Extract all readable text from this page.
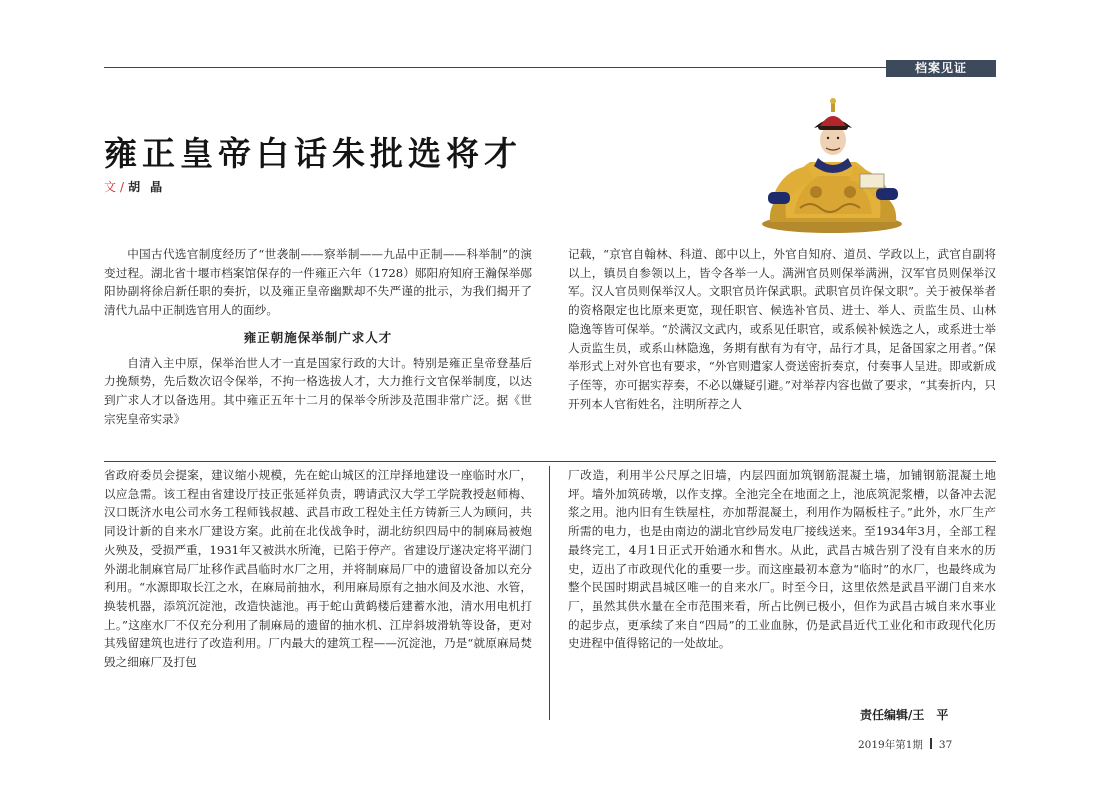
档案见证
雍正皇帝白话朱批选将才
文 / 胡晶

中国古代选官制度经历了“世袭制——察举制——九品中正制——科举制”的演变过程。湖北省十堰市档案馆保存的一件雍正六年（1728）郧阳府知府王瀚保举郧阳协副将徐启新任职的奏折，以及雍正皇帝幽默却不失严谨的批示，为我们揭开了清代九品中正制选官用人的面纱。

雍正朝施保举制广求人才

自清入主中原，保举治世人才一直是国家行政的大计。特别是雍正皇帝登基后力挽颓势，先后数次诏令保举，不拘一格选拔人才，大力推行文官保举制度，以达到广求人才以备选用。其中雍正五年十二月的保举令所涉及范围非常广泛。据《世宗宪皇帝实录》

记载，“京官自翰林、科道、郎中以上，外官自知府、道员、学政以上，武官自副将以上，镇员自参领以上，皆令各举一人。满洲官员则保举满洲，汉军官员则保举汉军。汉人官员则保举汉人。文职官员许保武职。武职官员许保文职”。关于被保举者的资格限定也比原来更宽，现任职官、候选补官员、进士、举人、贡监生员、山林隐逸等皆可保举。“於满汉文武内，或系见任职官，或系候补候选之人，或系进士举人贡监生员，或系山林隐逸，务期有猷有为有守，品行才具，足备国家之用者。”保举形式上对外官也有要求，“外官则遣家人赍送密折奏京，付奏事人呈进。即或新成子侄等，亦可据实荐奏，不必以嫌疑引避。”对举荐内容也做了要求，“其奏折内，只开列本人官衔姓名，注明所荐之人

省政府委员会提案，建议缩小规模，先在蛇山城区的江岸择地建设一座临时水厂，以应急需。该工程由省建设厅技正张延祥负责，聘请武汉大学工学院教授赵师梅、汉口既济水电公司水务工程师钱叔越、武昌市政工程处主任方铸新三人为顾问，共同设计新的自来水厂建设方案。此前在北伐战争时，湖北纺织四局中的制麻局被炮火殃及，受损严重，1931年又被洪水所淹，已陷于停产。省建设厅遂决定将平湖门外湖北制麻官局厂址移作武昌临时水厂之用，并将制麻局厂中的遗留设备加以充分利用。“水源即取长江之水，在麻局前抽水，利用麻局原有之抽水间及水池、水管，换装机器，添筑沉淀池，改造快滤池。再于蛇山黄鹤楼后建蓄水池，清水用电机打上。”这座水厂不仅充分利用了制麻局的遗留的抽水机、江岸斜坡滑轨等设备，更对其残留建筑也进行了改造利用。厂内最大的建筑工程——沉淀池，乃是“就原麻局焚毁之细麻厂及打包

厂改造，利用半公尺厚之旧墙，内层四面加筑钢筋混凝土墙，加铺钢筋混凝土地坪。墙外加筑砖墩，以作支撑。全池完全在地面之上，池底筑泥浆槽，以备冲去泥浆之用。池内旧有生铁屋柱，亦加帮混凝土，利用作为隔板柱子。”此外，水厂生产所需的电力，也是由南边的湖北官纱局发电厂接线送来。至1934年3月，全部工程最终完工，4月1日正式开始通水和售水。从此，武昌古城告别了没有自来水的历史，迈出了市政现代化的重要一步。而这座最初本意为“临时”的水厂，也最终成为整个民国时期武昌城区唯一的自来水厂。时至今日，这里依然是武昌平湖门自来水厂，虽然其供水量在全市范围来看，所占比例已极小，但作为武昌古城自来水事业的起步点，更承续了来自“四局”的工业血脉，仍是武昌近代工业化和市政现代化历史进程中值得铭记的一处故址。

责任编辑/王　平
2019年第1期 37
